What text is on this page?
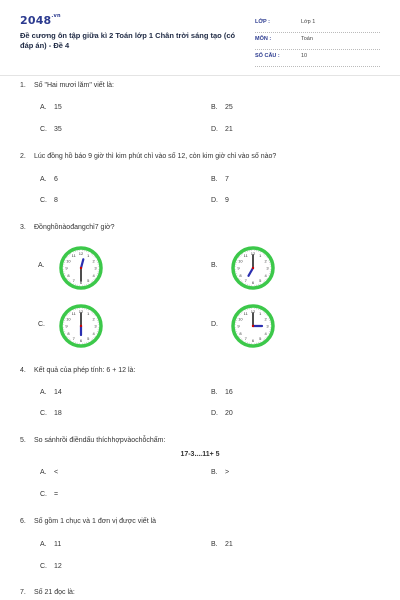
$2048^{.vn}$
Đề cương ôn tập giữa kì 2 Toán lớp 1 Chân trời sáng tạo (có đáp án) - Đề 4
LỚP :	Lớp 1
MÔN :	Toán
SỐ CÂU :	10
1. Số "Hai mươi lăm" viết là:
A. 15	B. 25
C. 35	D. 21
2. Lúc đồng hồ báo 9 giờ thì kim phút chỉ vào số 12, còn kim giờ chỉ vào số nào?
A. 6	B. 7
C. 8	D. 9
3. Đồnghồnàođangchỉ7 giờ?
A.	B.
C.	D.
1
2
3
4
5
6
7
8
9
10
11 12	1
2
3
4
5
6
7
8
9
10
11 12
1
2
3
4
5
6
7
8
9
10
11 12	1
2
3
4
5
6
7
8
9
10
11 12
4. Kết quả của phép tính: 6 + 12 là:
A. 14	B. 16
C. 18	D. 20
5. So sánhrồi điềndấu thíchhợpvàochỗchấm:
17-3....11+ 5
A. <	B. >
C. =
6. Số gồm 1 chục và 1 đơn vị được viết là
A. 11	B. 21
C. 12
7. Số 21 đọc là:
